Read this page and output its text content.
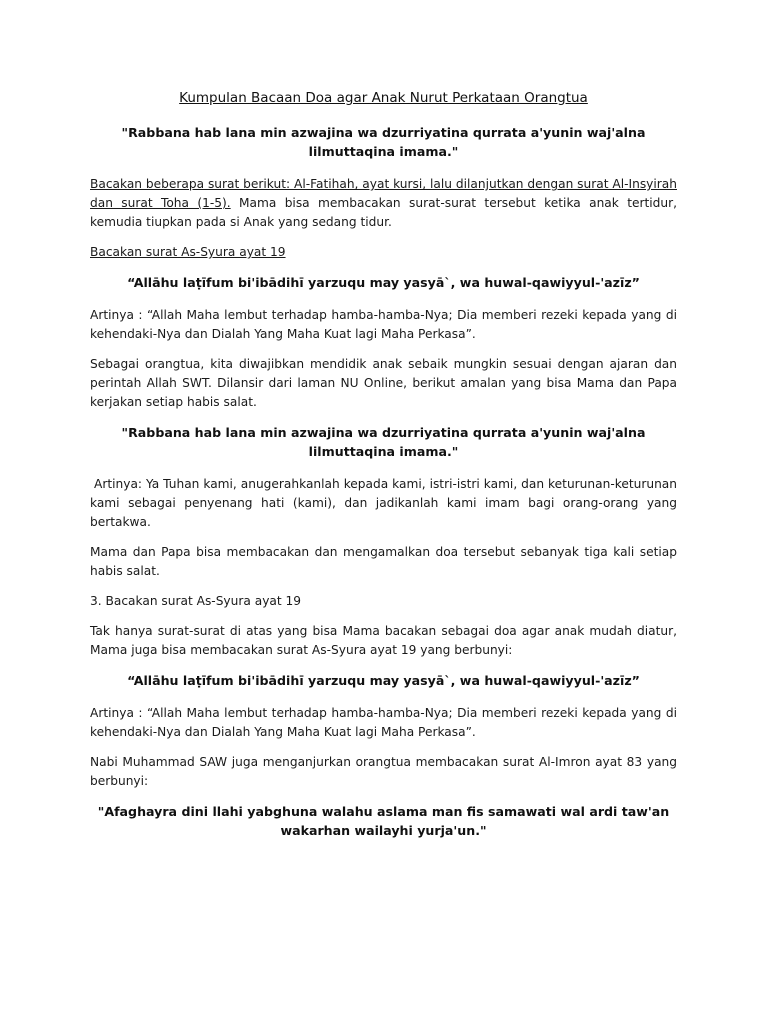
Kumpulan Bacaan Doa agar Anak Nurut Perkataan Orangtua
"Rabbana hab lana min azwajina wa dzurriyatina qurrata a'yunin waj'alna lilmuttaqina imama."
Bacakan beberapa surat berikut: Al-Fatihah, ayat kursi, lalu dilanjutkan dengan surat Al-Insyirah dan surat Toha (1-5). Mama bisa membacakan surat-surat tersebut ketika anak tertidur, kemudia tiupkan pada si Anak yang sedang tidur.
Bacakan surat As-Syura ayat 19
“Allāhu laṭīfum bi'ibādihī yarzuqu may yasyā`, wa huwal-qawiyyul-'azīz”
Artinya : “Allah Maha lembut terhadap hamba-hamba-Nya; Dia memberi rezeki kepada yang di kehendaki-Nya dan Dialah Yang Maha Kuat lagi Maha Perkasa”.
Sebagai orangtua, kita diwajibkan mendidik anak sebaik mungkin sesuai dengan ajaran dan perintah Allah SWT. Dilansir dari laman NU Online, berikut amalan yang bisa Mama dan Papa kerjakan setiap habis salat.
"Rabbana hab lana min azwajina wa dzurriyatina qurrata a'yunin waj'alna lilmuttaqina imama."
Artinya: Ya Tuhan kami, anugerahkanlah kepada kami, istri-istri kami, dan keturunan-keturunan kami sebagai penyenang hati (kami), dan jadikanlah kami imam bagi orang-orang yang bertakwa.
Mama dan Papa bisa membacakan dan mengamalkan doa tersebut sebanyak tiga kali setiap habis salat.
3. Bacakan surat As-Syura ayat 19
Tak hanya surat-surat di atas yang bisa Mama bacakan sebagai doa agar anak mudah diatur, Mama juga bisa membacakan surat As-Syura ayat 19 yang berbunyi:
“Allāhu laṭīfum bi'ibādihī yarzuqu may yasyā`, wa huwal-qawiyyul-'azīz”
Artinya : “Allah Maha lembut terhadap hamba-hamba-Nya; Dia memberi rezeki kepada yang di kehendaki-Nya dan Dialah Yang Maha Kuat lagi Maha Perkasa”.
Nabi Muhammad SAW juga menganjurkan orangtua membacakan surat Al-Imron ayat 83 yang berbunyi:
"Afaghayra dini llahi yabghuna walahu aslama man fis samawati wal ardi taw'an wakarhan wailayhi yurja'un."
